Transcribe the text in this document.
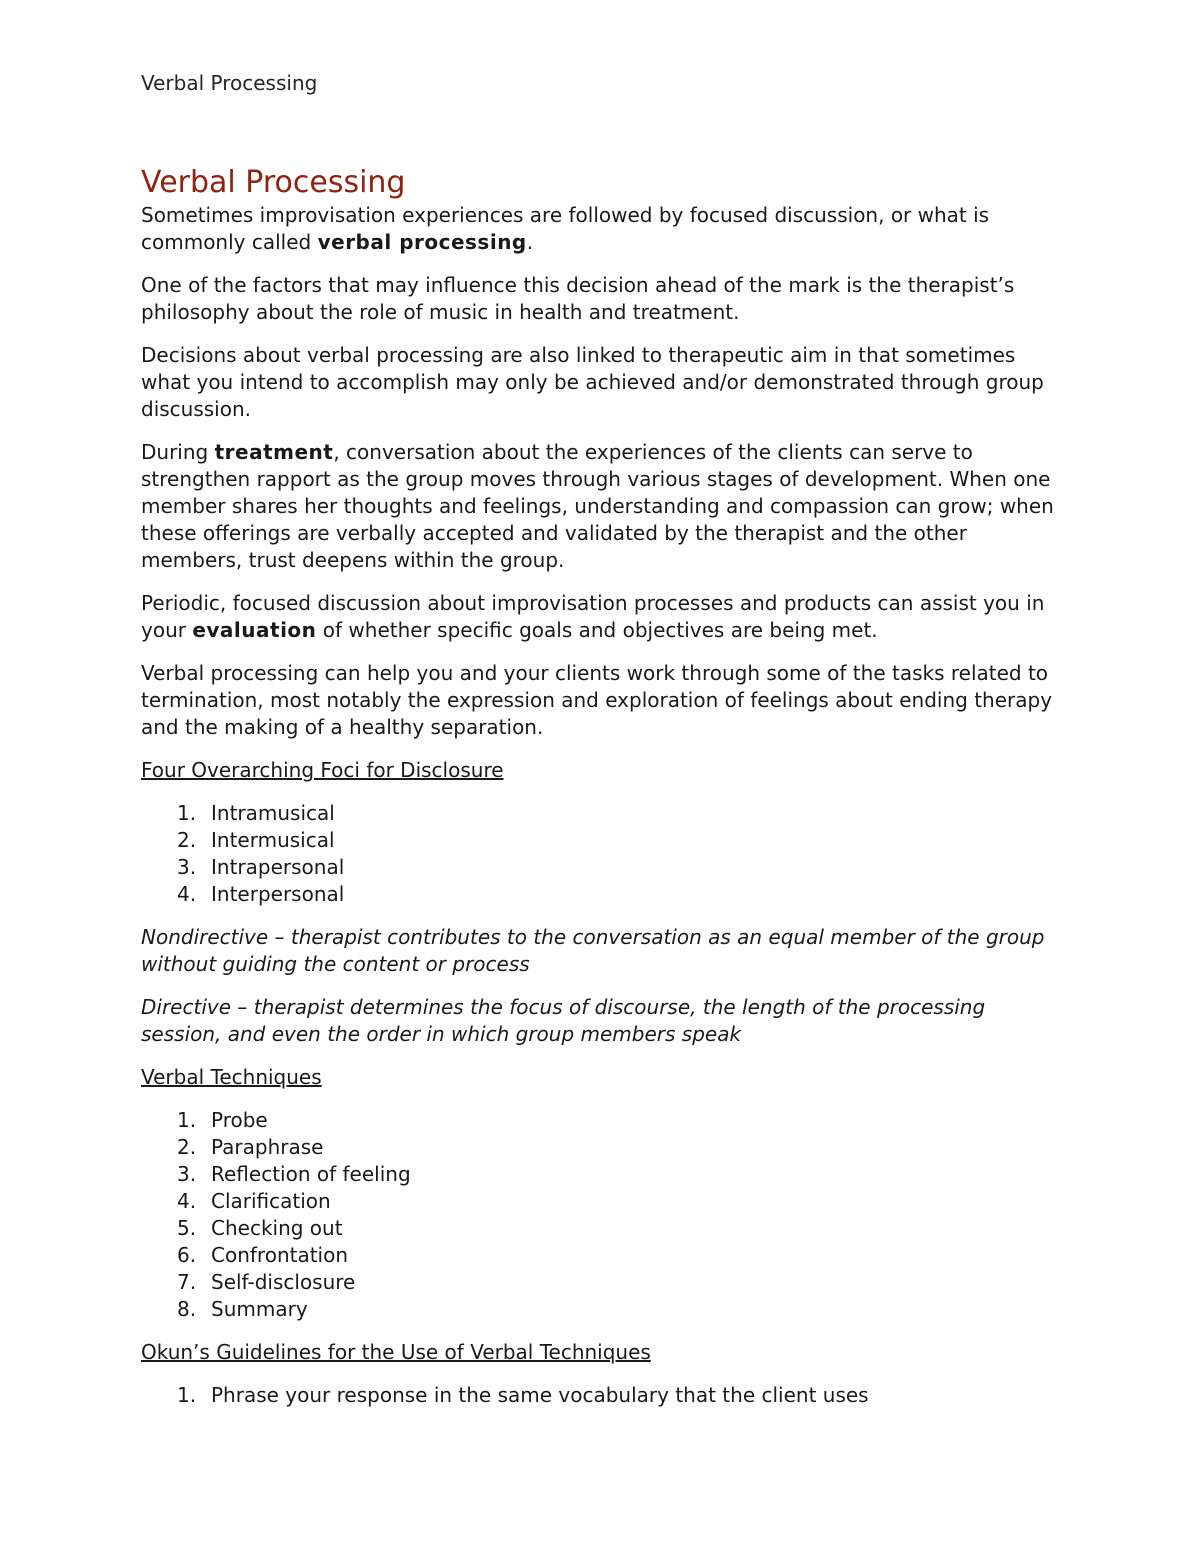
Verbal Processing

Verbal Processing

Sometimes improvisation experiences are followed by focused discussion, or what is commonly called verbal processing.

One of the factors that may influence this decision ahead of the mark is the therapist’s philosophy about the role of music in health and treatment.

Decisions about verbal processing are also linked to therapeutic aim in that sometimes what you intend to accomplish may only be achieved and/or demonstrated through group discussion.

During treatment, conversation about the experiences of the clients can serve to strengthen rapport as the group moves through various stages of development. When one member shares her thoughts and feelings, understanding and compassion can grow; when these offerings are verbally accepted and validated by the therapist and the other members, trust deepens within the group.

Periodic, focused discussion about improvisation processes and products can assist you in your evaluation of whether specific goals and objectives are being met.

Verbal processing can help you and your clients work through some of the tasks related to termination, most notably the expression and exploration of feelings about ending therapy and the making of a healthy separation.

Four Overarching Foci for Disclosure

1. Intramusical
2. Intermusical
3. Intrapersonal
4. Interpersonal

Nondirective – therapist contributes to the conversation as an equal member of the group without guiding the content or process

Directive – therapist determines the focus of discourse, the length of the processing session, and even the order in which group members speak

Verbal Techniques

1. Probe
2. Paraphrase
3. Reflection of feeling
4. Clarification
5. Checking out
6. Confrontation
7. Self-disclosure
8. Summary

Okun’s Guidelines for the Use of Verbal Techniques

1. Phrase your response in the same vocabulary that the client uses
